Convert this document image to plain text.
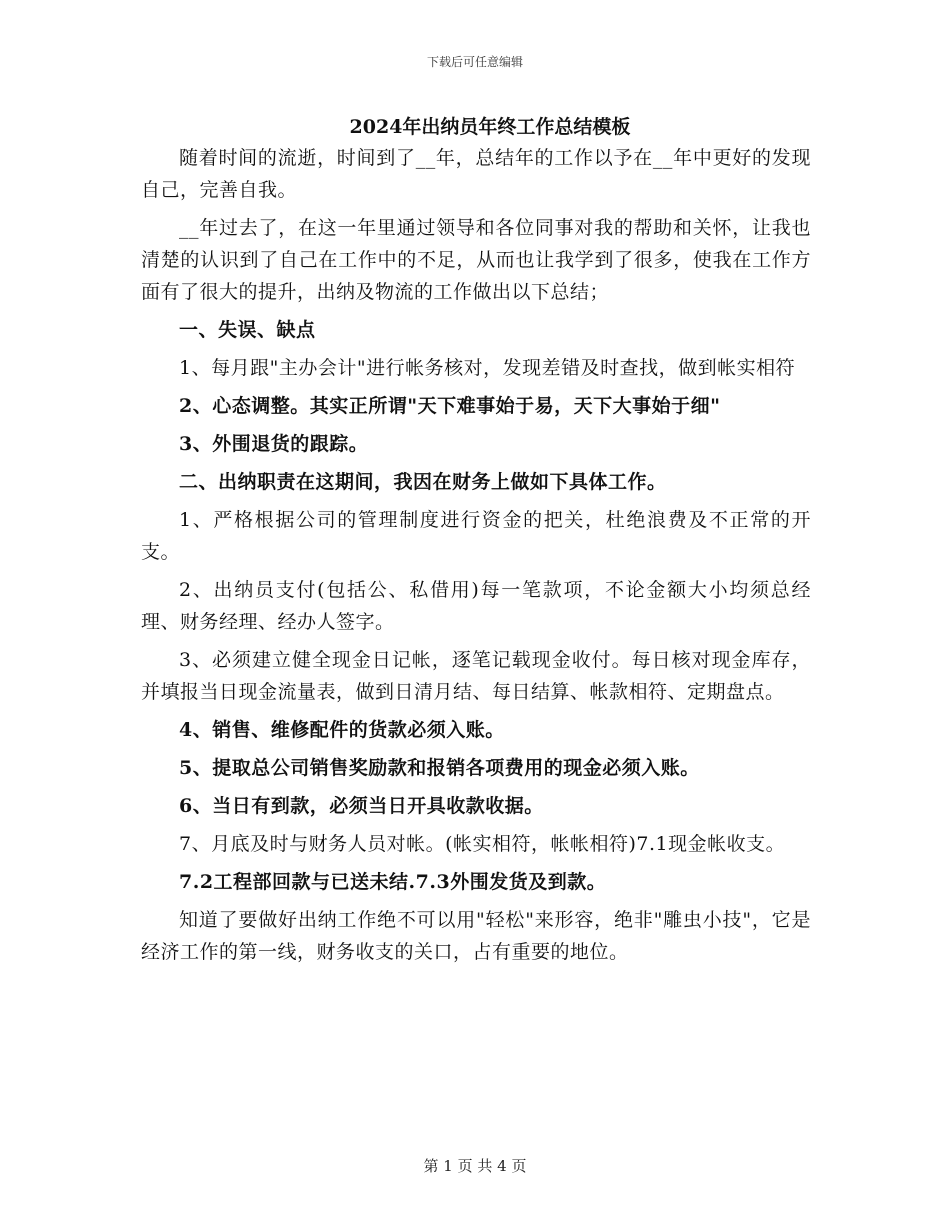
下载后可任意编辑
2024年出纳员年终工作总结模板

随着时间的流逝，时间到了__年，总结年的工作以予在__年中更好的发现自己，完善自我。

__年过去了，在这一年里通过领导和各位同事对我的帮助和关怀，让我也清楚的认识到了自己在工作中的不足，从而也让我学到了很多，使我在工作方面有了很大的提升，出纳及物流的工作做出以下总结；

一、失误、缺点

1、每月跟"主办会计"进行帐务核对，发现差错及时查找，做到帐实相符

2、心态调整。其实正所谓"天下难事始于易，天下大事始于细"

3、外围退货的跟踪。

二、出纳职责在这期间，我因在财务上做如下具体工作。

1、严格根据公司的管理制度进行资金的把关，杜绝浪费及不正常的开支。

2、出纳员支付(包括公、私借用)每一笔款项，不论金额大小均须总经理、财务经理、经办人签字。

3、必须建立健全现金日记帐，逐笔记载现金收付。每日核对现金库存，并填报当日现金流量表，做到日清月结、每日结算、帐款相符、定期盘点。

4、销售、维修配件的货款必须入账。

5、提取总公司销售奖励款和报销各项费用的现金必须入账。

6、当日有到款，必须当日开具收款收据。

7、月底及时与财务人员对帐。(帐实相符，帐帐相符)7.1现金帐收支。

7.2工程部回款与已送未结.7.3外围发货及到款。

知道了要做好出纳工作绝不可以用"轻松"来形容，绝非"雕虫小技"，它是经济工作的第一线，财务收支的关口，占有重要的地位。

第 1 页 共 4 页
